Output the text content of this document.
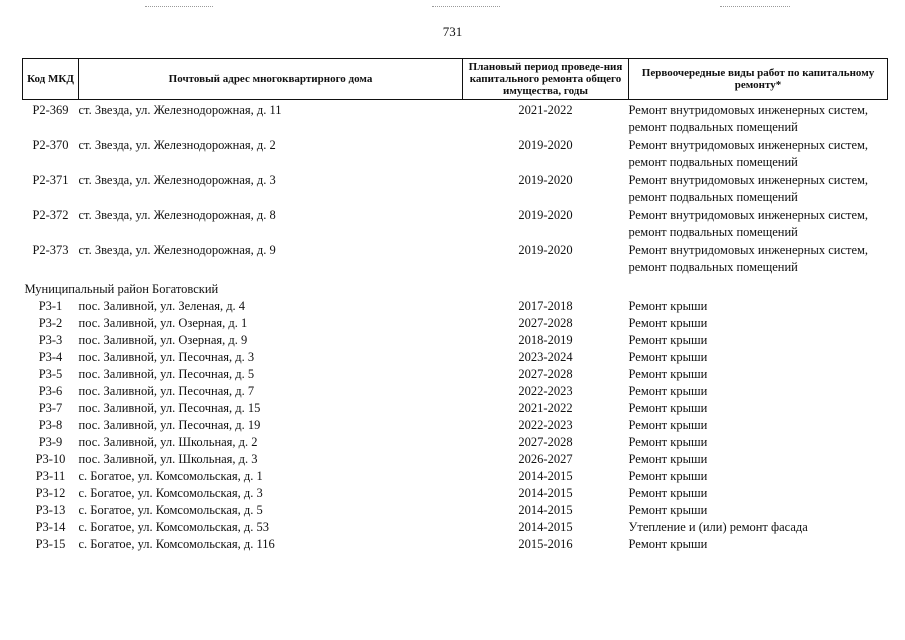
731
Код МКД	Почтовый адрес многоквартирного дома	Плановый период проведе-ния капитального ремонта общего имущества, годы	Первоочередные виды работ по капитальному ремонту*

Р2-369	ст. Звезда, ул. Железнодорожная, д. 11	2021-2022	Ремонт внутридомовых инженерных систем,
ремонт подвальных помещений

Р2-370	ст. Звезда, ул. Железнодорожная, д. 2	2019-2020	Ремонт внутридомовых инженерных систем,
ремонт подвальных помещений

Р2-371	ст. Звезда, ул. Железнодорожная, д. 3	2019-2020	Ремонт внутридомовых инженерных систем,
ремонт подвальных помещений

Р2-372	ст. Звезда, ул. Железнодорожная, д. 8	2019-2020	Ремонт внутридомовых инженерных систем,
ремонт подвальных помещений

Р2-373	ст. Звезда, ул. Железнодорожная, д. 9	2019-2020	Ремонт внутридомовых инженерных систем,
ремонт подвальных помещений

Муниципальный район Богатовский			
Р3-1	пос. Заливной, ул. Зеленая, д. 4	2017-2018	Ремонт крыши

Р3-2	пос. Заливной, ул. Озерная, д. 1	2027-2028	Ремонт крыши

Р3-3	пос. Заливной, ул. Озерная, д. 9	2018-2019	Ремонт крыши

Р3-4	пос. Заливной, ул. Песочная, д. 3	2023-2024	Ремонт крыши

Р3-5	пос. Заливной, ул. Песочная, д. 5	2027-2028	Ремонт крыши

Р3-6	пос. Заливной, ул. Песочная, д. 7	2022-2023	Ремонт крыши

Р3-7	пос. Заливной, ул. Песочная, д. 15	2021-2022	Ремонт крыши

Р3-8	пос. Заливной, ул. Песочная, д. 19	2022-2023	Ремонт крыши

Р3-9	пос. Заливной, ул. Школьная, д. 2	2027-2028	Ремонт крыши

Р3-10	пос. Заливной, ул. Школьная, д. 3	2026-2027	Ремонт крыши

Р3-11	с. Богатое, ул. Комсомольская, д. 1	2014-2015	Ремонт крыши

Р3-12	с. Богатое, ул. Комсомольская, д. 3	2014-2015	Ремонт крыши

Р3-13	с. Богатое, ул. Комсомольская, д. 5	2014-2015	Ремонт крыши

Р3-14	с. Богатое, ул. Комсомольская, д. 53	2014-2015	Утепление и (или) ремонт фасада

Р3-15	с. Богатое, ул. Комсомольская, д. 116	2015-2016	Ремонт крыши
